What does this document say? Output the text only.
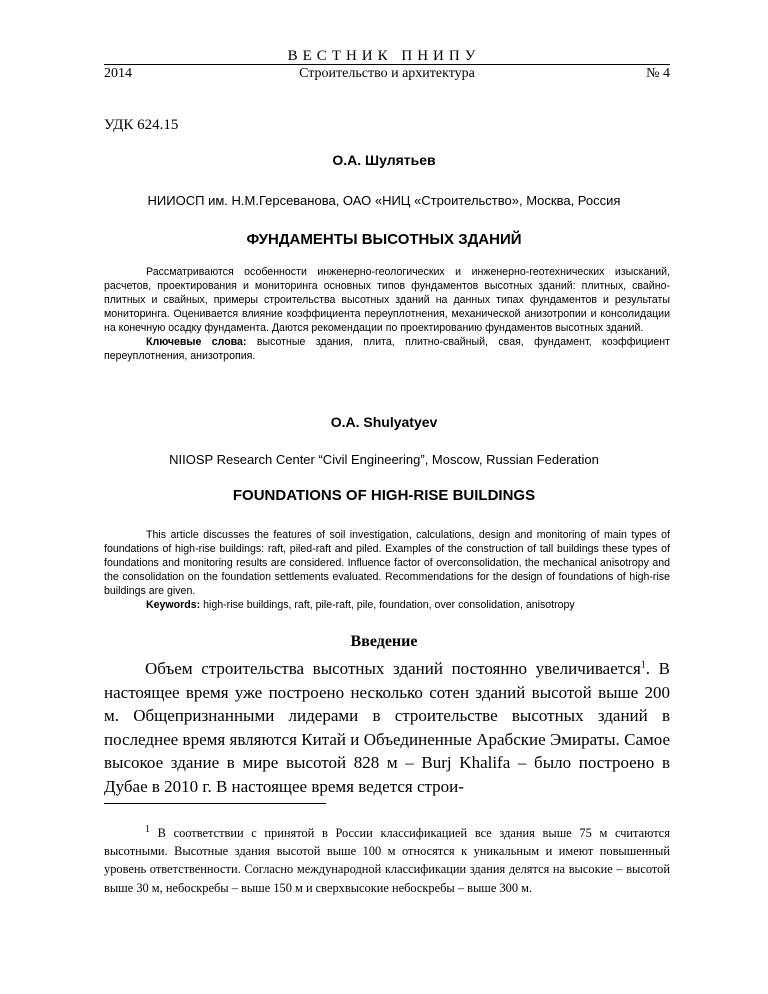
ВЕСТНИК ПНИПУ
2014	Строительство и архитектура	№ 4
УДК 624.15
О.А. Шулятьев
НИИОСП им. Н.М.Герсеванова, ОАО «НИЦ «Строительство», Москва, Россия
ФУНДАМЕНТЫ ВЫСОТНЫХ ЗДАНИЙ

Рассматриваются особенности инженерно-геологических и инженерно-геотехнических изысканий, расчетов, проектирования и мониторинга основных типов фундаментов высотных зданий: плитных, свайно-плитных и свайных, примеры строительства высотных зданий на данных типах фундаментов и результаты мониторинга. Оценивается влияние коэффициента переуплотнения, механической анизотропии и консолидации на конечную осадку фундамента. Даются рекомендации по проектированию фундаментов высотных зданий.

Ключевые слова: высотные здания, плита, плитно-свайный, свая, фундамент, коэффициент переуплотнения, анизотропия.

O.A. Shulyatyev
NIIOSP Research Center “Civil Engineering”, Moscow, Russian Federation
FOUNDATIONS OF HIGH-RISE BUILDINGS

This article discusses the features of soil investigation, calculations, design and monitoring of main types of foundations of high-rise buildings: raft, piled-raft and piled. Examples of the construction of tall buildings these types of foundations and monitoring results are considered. Influence factor of overconsolidation, the mechanical anisotropy and the consolidation on the foundation settlements evaluated. Recommendations for the design of foundations of high-rise buildings are given.

Keywords: high-rise buildings, raft, pile-raft, pile, foundation, over consolidation, anisotropy

Введение

Объем строительства высотных зданий постоянно увеличивается$^1$. В настоящее время уже построено несколько сотен зданий высотой выше 200 м. Общепризнанными лидерами в строительстве высотных зданий в последнее время являются Китай и Объединенные Арабские Эмираты. Самое высокое здание в мире высотой 828 м – Burj Khalifa – было построено в Дубае в 2010 г. В настоящее время ведется строи-

$^1$ В соответствии с принятой в России классификацией все здания выше 75 м считаются высотными. Высотные здания высотой выше 100 м относятся к уникальным и имеют повышенный уровень ответственности. Согласно международной классификации здания делятся на высокие – высотой выше 30 м, небоскребы – выше 150 м и сверхвысокие небоскребы – выше 300 м.
